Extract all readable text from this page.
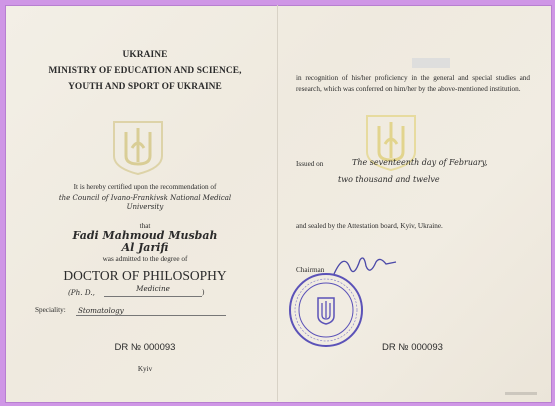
UKRAINE
MINISTRY OF EDUCATION AND SCIENCE,
YOUTH AND SPORT OF UKRAINE
It is hereby certified upon the recommendation of
the Council of Ivano-Frankivsk National Medical University
that
Fadi Mahmoud Musbah
Al Jarifi
was admitted to the degree of
DOCTOR OF PHILOSOPHY
(Ph. D.,	Medicine	)
Speciality: Stomatology
DR № 000093
Kyiv
in recognition of his/her proficiency in the general and special studies and research, which was conferred on him/her by the above-mentioned institution.
Issued on	The seventeenth day of February,
two thousand and twelve
and sealed by the Attestation board, Kyiv, Ukraine.
Chairman
DR № 000093
